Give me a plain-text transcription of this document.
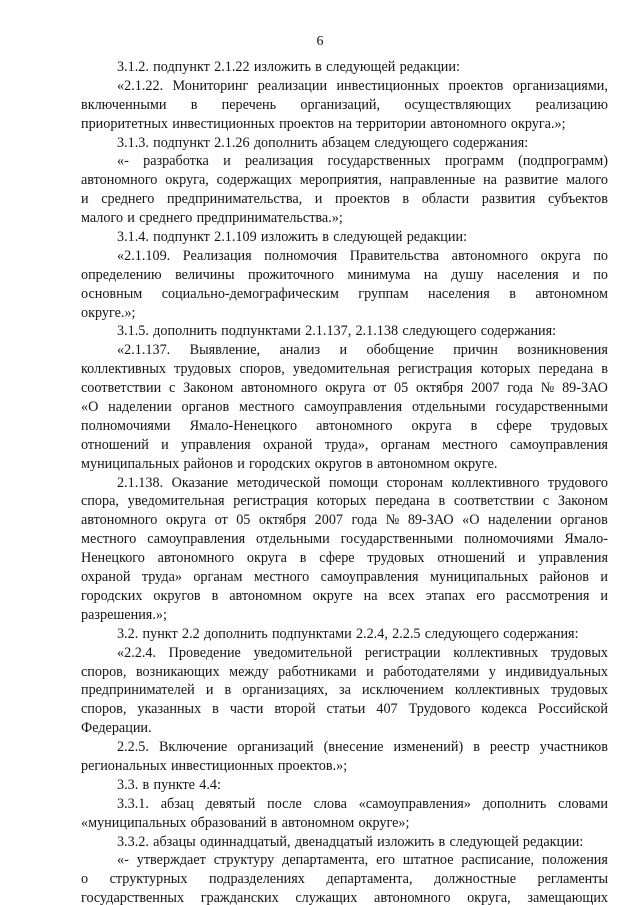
6
3.1.2. подпункт 2.1.22 изложить в следующей редакции:
«2.1.22. Мониторинг реализации инвестиционных проектов организациями,
включенными в перечень организаций, осуществляющих реализацию
приоритетных инвестиционных проектов на территории автономного округа.»;
3.1.3. подпункт 2.1.26 дополнить абзацем следующего содержания:
«- разработка и реализация государственных программ (подпрограмм)
автономного округа, содержащих мероприятия, направленные на развитие малого
и среднего предпринимательства, и проектов в области развития субъектов
малого и среднего предпринимательства.»;
3.1.4. подпункт 2.1.109 изложить в следующей редакции:
«2.1.109. Реализация полномочия Правительства автономного округа по
определению величины прожиточного минимума на душу населения и по
основным социально-демографическим группам населения в автономном
округе.»;
3.1.5. дополнить подпунктами 2.1.137, 2.1.138 следующего содержания:
«2.1.137. Выявление, анализ и обобщение причин возникновения
коллективных трудовых споров, уведомительная регистрация которых передана в
соответствии с Законом автономного округа от 05 октября 2007 года № 89-ЗАО
«О наделении органов местного самоуправления отдельными государственными
полномочиями Ямало-Ненецкого автономного округа в сфере трудовых
отношений и управления охраной труда», органам местного самоуправления
муниципальных районов и городских округов в автономном округе.
2.1.138. Оказание методической помощи сторонам коллективного трудового
спора, уведомительная регистрация которых передана в соответствии с Законом
автономного округа от 05 октября 2007 года № 89-ЗАО «О наделении органов
местного самоуправления отдельными государственными полномочиями Ямало-
Ненецкого автономного округа в сфере трудовых отношений и управления
охраной труда» органам местного самоуправления муниципальных районов и
городских округов в автономном округе на всех этапах его рассмотрения и
разрешения.»;
3.2. пункт 2.2 дополнить подпунктами 2.2.4, 2.2.5 следующего содержания:
«2.2.4. Проведение уведомительной регистрации коллективных трудовых
споров, возникающих между работниками и работодателями у индивидуальных
предпринимателей и в организациях, за исключением коллективных трудовых
споров, указанных в части второй статьи 407 Трудового кодекса Российской
Федерации.
2.2.5. Включение организаций (внесение изменений) в реестр участников
региональных инвестиционных проектов.»;
3.3. в пункте 4.4:
3.3.1. абзац девятый после слова «самоуправления» дополнить словами
«муниципальных образований в автономном округе»;
3.3.2. абзацы одиннадцатый, двенадцатый изложить в следующей редакции:
«- утверждает структуру департамента, его штатное расписание, положения
о структурных подразделениях департамента, должностные регламенты
государственных гражданских служащих автономного округа, замещающих
